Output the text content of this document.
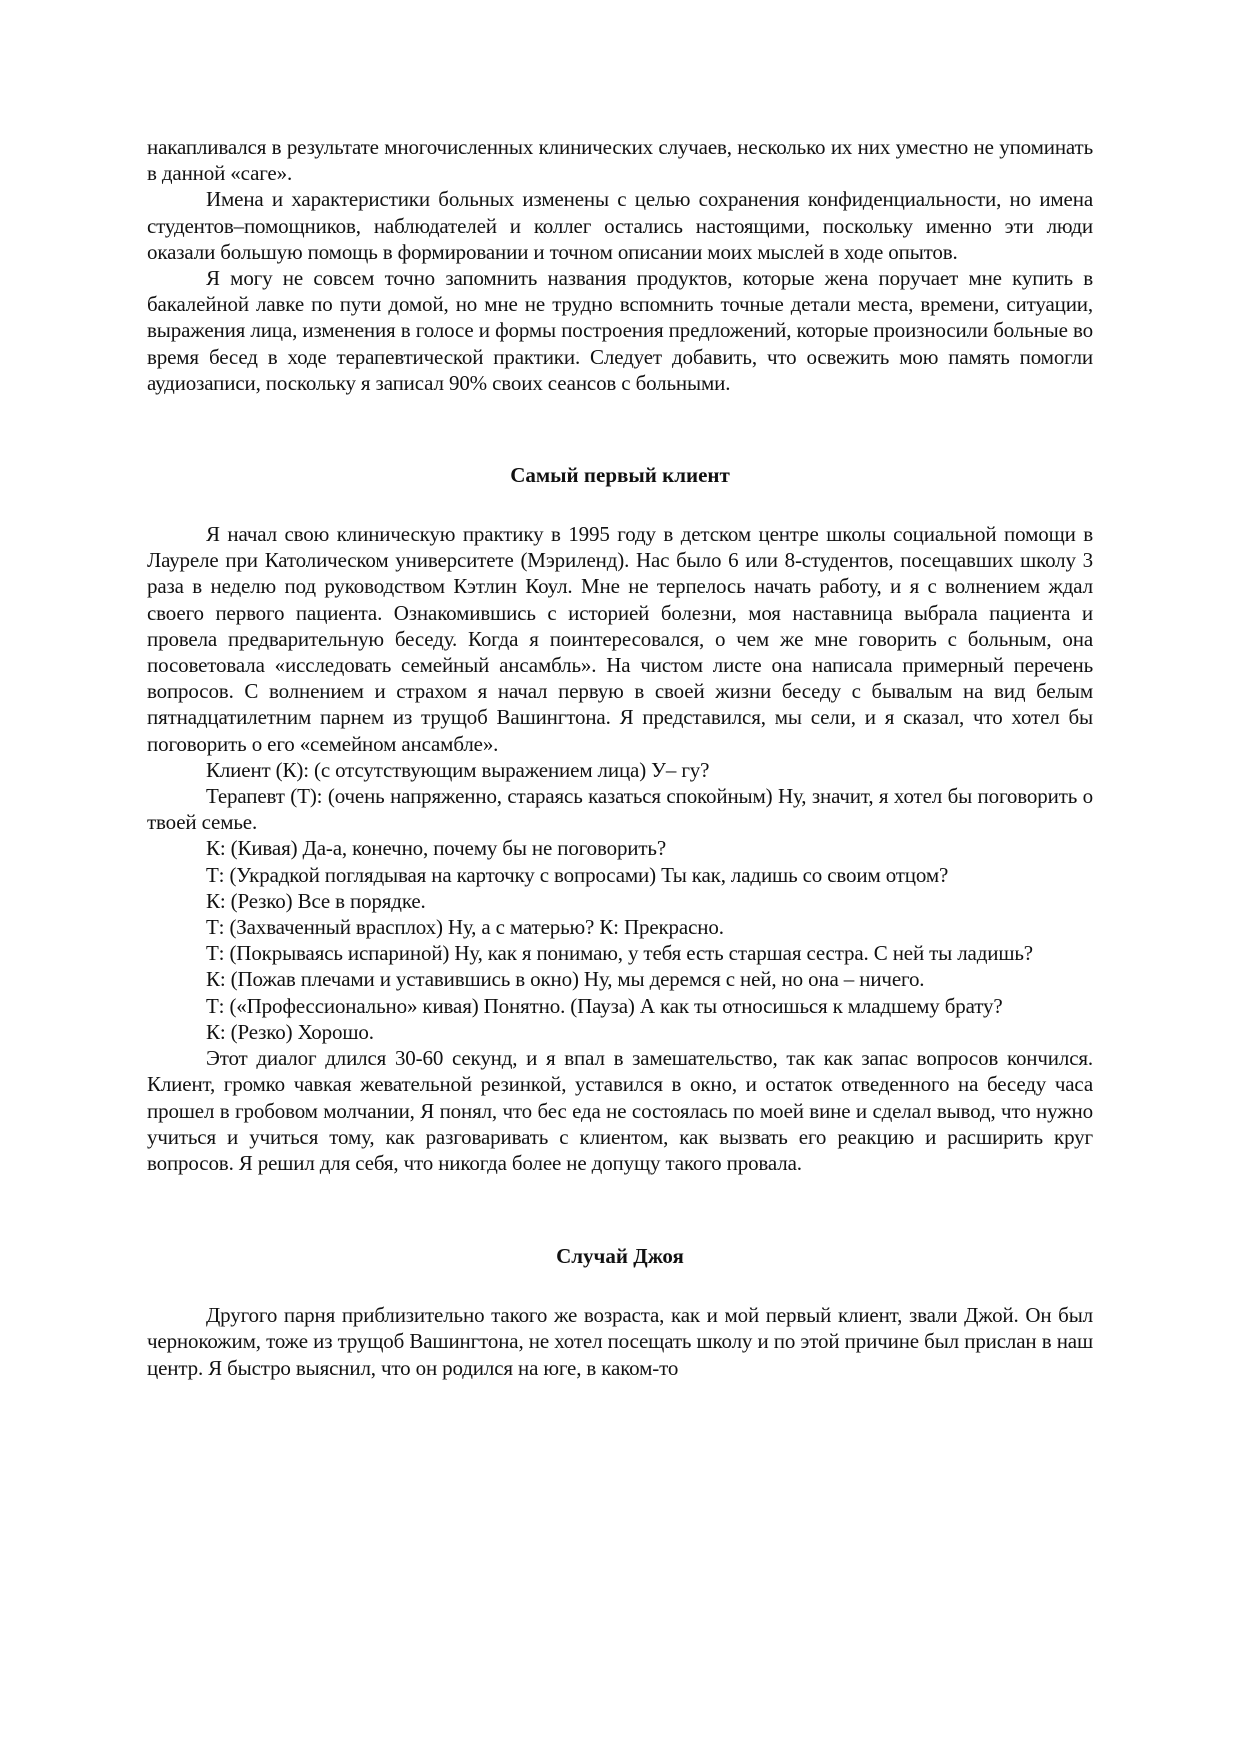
накапливался в результате многочисленных клинических случаев, несколько их них уместно не упоминать в данной «саге».

Имена и характеристики больных изменены с целью сохранения конфиденциальности, но имена студентов–помощников, наблюдателей и коллег остались настоящими, поскольку именно эти люди оказали большую помощь в формировании и точном описании моих мыслей в ходе опытов.

Я могу не совсем точно запомнить названия продуктов, которые жена поручает мне купить в бакалейной лавке по пути домой, но мне не трудно вспомнить точные детали места, времени, ситуации, выражения лица, изменения в голосе и формы построения предложений, которые произносили больные во время бесед в ходе терапевтической практики. Следует добавить, что освежить мою память помогли аудиозаписи, поскольку я записал 90% своих сеансов с больными.

Самый первый клиент

Я начал свою клиническую практику в 1995 году в детском центре школы социальной помощи в Лауреле при Католическом университете (Мэриленд). Нас было 6 или 8-студентов, посещавших школу 3 раза в неделю под руководством Кэтлин Коул. Мне не терпелось начать работу, и я с волнением ждал своего первого пациента. Ознакомившись с историей болезни, моя наставница выбрала пациента и провела предварительную беседу. Когда я поинтересовался, о чем же мне говорить с больным, она посоветовала «исследовать семейный ансамбль». На чистом листе она написала примерный перечень вопросов. С волнением и страхом я начал первую в своей жизни беседу с бывалым на вид белым пятнадцатилетним парнем из трущоб Вашингтона. Я представился, мы сели, и я сказал, что хотел бы поговорить о его «семейном ансамбле».

Клиент (К): (с отсутствующим выражением лица) У– гу?

Терапевт (Т): (очень напряженно, стараясь казаться спокойным) Ну, значит, я хотел бы поговорить о твоей семье.

К: (Кивая) Да-а, конечно, почему бы не поговорить?

Т: (Украдкой поглядывая на карточку с вопросами) Ты как, ладишь со своим отцом?

К: (Резко) Все в порядке.

Т: (Захваченный врасплох) Ну, а с матерью? К: Прекрасно.

Т: (Покрываясь испариной) Ну, как я понимаю, у тебя есть старшая сестра. С ней ты ладишь?

К: (Пожав плечами и уставившись в окно) Ну, мы деремся с ней, но она – ничего.

Т: («Профессионально» кивая) Понятно. (Пауза) А как ты относишься к младшему брату?

К: (Резко) Хорошо.

Этот диалог длился 30-60 секунд, и я впал в замешательство, так как запас вопросов кончился. Клиент, громко чавкая жевательной резинкой, уставился в окно, и остаток отведенного на беседу часа прошел в гробовом молчании, Я понял, что бес еда не состоялась по моей вине и сделал вывод, что нужно учиться и учиться тому, как разговаривать с клиентом, как вызвать его реакцию и расширить круг вопросов. Я решил для себя, что никогда более не допущу такого провала.

Случай Джоя

Другого парня приблизительно такого же возраста, как и мой первый клиент, звали Джой. Он был чернокожим, тоже из трущоб Вашингтона, не хотел посещать школу и по этой причине был прислан в наш центр. Я быстро выяснил, что он родился на юге, в каком-то
